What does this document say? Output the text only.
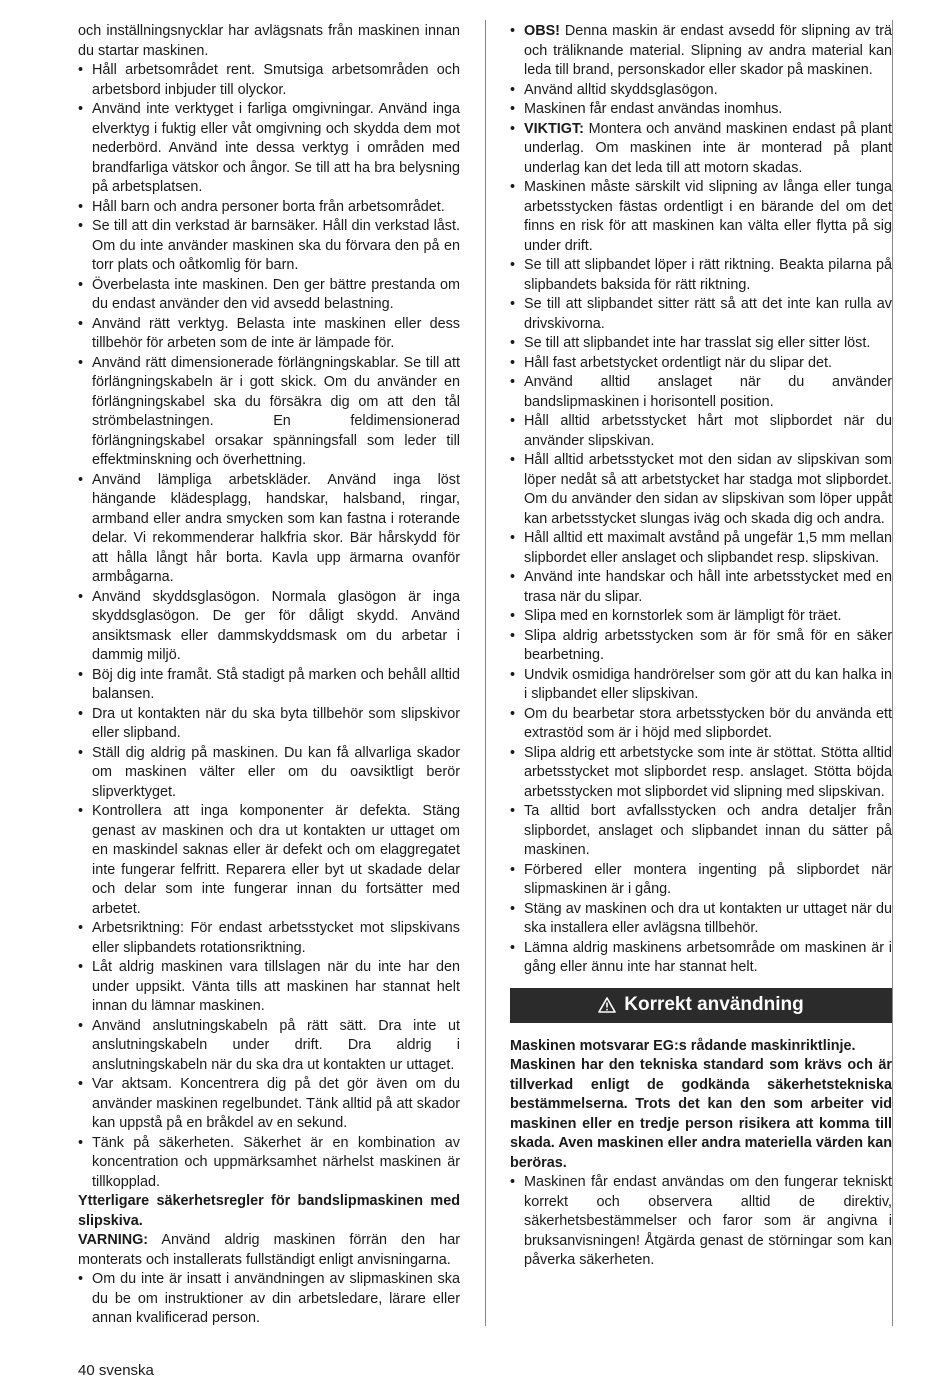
och inställningsnycklar har avlägsnats från maskinen innan du startar maskinen.

• Håll arbetsområdet rent. Smutsiga arbetsområden och arbetsbord inbjuder till olyckor.
• Använd inte verktyget i farliga omgivningar. Använd inga elverktyg i fuktig eller våt omgivning och skydda dem mot nederbörd. Använd inte dessa verktyg i områden med brandfarliga vätskor och ångor. Se till att ha bra belysning på arbetsplatsen.
• Håll barn och andra personer borta från arbetsområdet.
• Se till att din verkstad är barnsäker. Håll din verkstad låst. Om du inte använder maskinen ska du förvara den på en torr plats och oåtkomlig för barn.
• Överbelasta inte maskinen. Den ger bättre prestanda om du endast använder den vid avsedd belastning.
• Använd rätt verktyg. Belasta inte maskinen eller dess tillbehör för arbeten som de inte är lämpade för.
• Använd rätt dimensionerade förlängningskablar. Se till att förlängningskabeln är i gott skick. Om du använder en förlängningskabel ska du försäkra dig om att den tål strömbelastningen. En feldimensionerad förlängningskabel orsakar spänningsfall som leder till effektminskning och överhettning.
• Använd lämpliga arbetskläder. Använd inga löst hängande klädesplagg, handskar, halsband, ringar, armband eller andra smycken som kan fastna i roterande delar. Vi rekommenderar halkfria skor. Bär hårskydd för att hålla långt hår borta. Kavla upp ärmarna ovanför armbågarna.
• Använd skyddsglasögon. Normala glasögon är inga skyddsglasögon. De ger för dåligt skydd. Använd ansiktsmask eller dammskyddsmask om du arbetar i dammig miljö.
• Böj dig inte framåt. Stå stadigt på marken och behåll alltid balansen.
• Dra ut kontakten när du ska byta tillbehör som slipskivor eller slipband.
• Ställ dig aldrig på maskinen. Du kan få allvarliga skador om maskinen välter eller om du oavsiktligt berör slipverktyget.
• Kontrollera att inga komponenter är defekta. Stäng genast av maskinen och dra ut kontakten ur uttaget om en maskindel saknas eller är defekt och om elaggregatet inte fungerar felfritt. Reparera eller byt ut skadade delar och delar som inte fungerar innan du fortsätter med arbetet.
• Arbetsriktning: För endast arbetsstycket mot slipskivans eller slipbandets rotationsriktning.
• Låt aldrig maskinen vara tillslagen när du inte har den under uppsikt. Vänta tills att maskinen har stannat helt innan du lämnar maskinen.
• Använd anslutningskabeln på rätt sätt. Dra inte ut anslutningskabeln under drift. Dra aldrig i anslutningskabeln när du ska dra ut kontakten ur uttaget.
• Var aktsam. Koncentrera dig på det gör även om du använder maskinen regelbundet. Tänk alltid på att skador kan uppstå på en bråkdel av en sekund.
• Tänk på säkerheten. Säkerhet är en kombination av koncentration och uppmärksamhet närhelst maskinen är tillkopplad.

Ytterligare säkerhetsregler för bandslipmaskinen med slipskiva.

VARNING: Använd aldrig maskinen förrän den har monterats och installerats fullständigt enligt anvisningarna.

• Om du inte är insatt i användningen av slipmaskinen ska du be om instruktioner av din arbetsledare, lärare eller annan kvalificerad person.
• OBS! Denna maskin är endast avsedd för slipning av trä och träliknande material. Slipning av andra material kan leda till brand, personskador eller skador på maskinen.
• Använd alltid skyddsglasögon.
• Maskinen får endast användas inomhus.
• VIKTIGT: Montera och använd maskinen endast på plant underlag. Om maskinen inte är monterad på plant underlag kan det leda till att motorn skadas.
• Maskinen måste särskilt vid slipning av långa eller tunga arbetsstycken fästas ordentligt i en bärande del om det finns en risk för att maskinen kan välta eller flytta på sig under drift.
• Se till att slipbandet löper i rätt riktning. Beakta pilarna på slipbandets baksida för rätt riktning.
• Se till att slipbandet sitter rätt så att det inte kan rulla av drivskivorna.
• Se till att slipbandet inte har trasslat sig eller sitter löst.
• Håll fast arbetstycket ordentligt när du slipar det.
• Använd alltid anslaget när du använder bandslipmaskinen i horisontell position.
• Håll alltid arbetsstycket hårt mot slipbordet när du använder slipskivan.
• Håll alltid arbetsstycket mot den sidan av slipskivan som löper nedåt så att arbetstycket har stadga mot slipbordet. Om du använder den sidan av slipskivan som löper uppåt kan arbetsstycket slungas iväg och skada dig och andra.
• Håll alltid ett maximalt avstånd på ungefär 1,5 mm mellan slipbordet eller anslaget och slipbandet resp. slipskivan.
• Använd inte handskar och håll inte arbetsstycket med en trasa när du slipar.
• Slipa med en kornstorlek som är lämpligt för träet.
• Slipa aldrig arbetsstycken som är för små för en säker bearbetning.
• Undvik osmidiga handrörelser som gör att du kan halka in i slipbandet eller slipskivan.
• Om du bearbetar stora arbetsstycken bör du använda ett extrastöd som är i höjd med slipbordet.
• Slipa aldrig ett arbetstycke som inte är stöttat. Stötta alltid arbetsstycket mot slipbordet resp. anslaget. Stötta böjda arbetsstycken mot slipbordet vid slipning med slipskivan.
• Ta alltid bort avfallsstycken och andra detaljer från slipbordet, anslaget och slipbandet innan du sätter på maskinen.
• Förbered eller montera ingenting på slipbordet när slipmaskinen är i gång.
• Stäng av maskinen och dra ut kontakten ur uttaget när du ska installera eller avlägsna tillbehör.
• Lämna aldrig maskinens arbetsområde om maskinen är i gång eller ännu inte har stannat helt.
Korrekt användning

Maskinen motsvarar EG:s rådande maskinriktlinje.

Maskinen har den tekniska standard som krävs och är tillverkad enligt de godkända säkerhetstekniska bestämmelserna. Trots det kan den som arbeiter vid maskinen eller en tredje person risikera att komma till skada. Aven maskinen eller andra materiella värden kan beröras.

• Maskinen får endast användas om den fungerar tekniskt korrekt och observera alltid de direktiv, säkerhetsbestämmelser och faror som är angivna i bruksanvisningen! Åtgärda genast de störningar som kan påverka säkerheten.
40 svenska
